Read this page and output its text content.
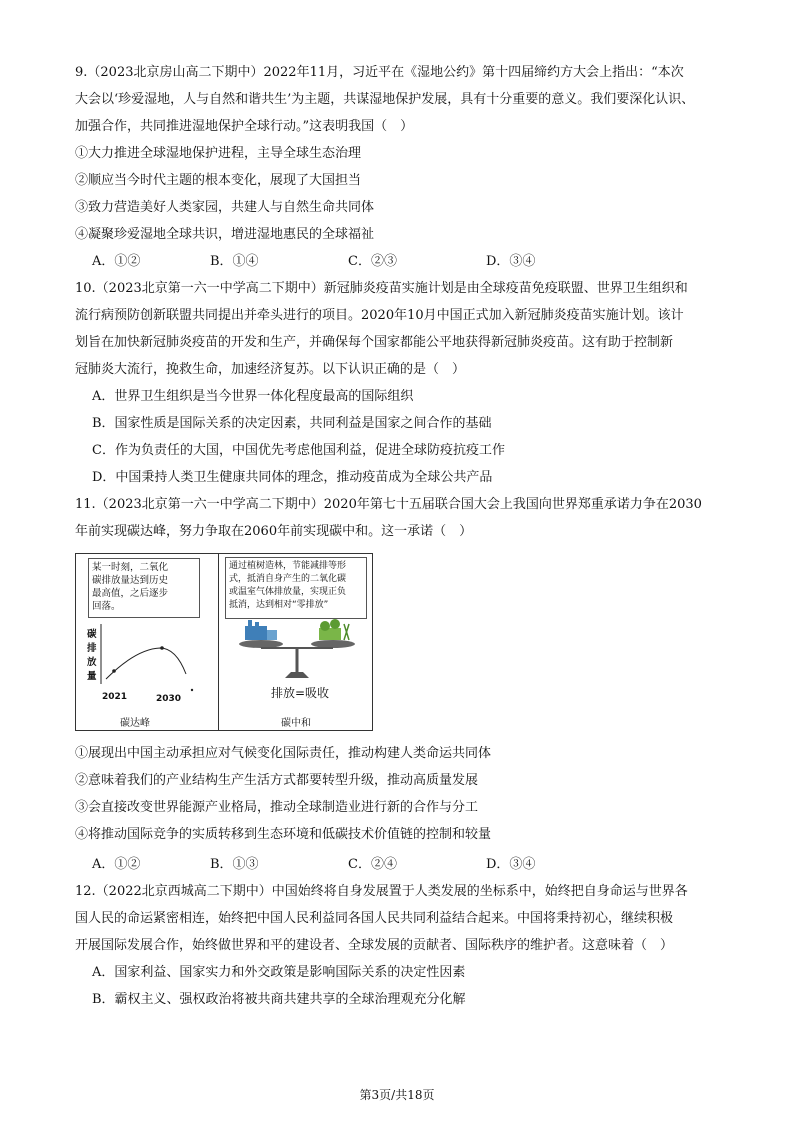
9.（2023北京房山高二下期中）2022年11月，习近平在《湿地公约》第十四届缔约方大会上指出：“本次
大会以‘珍爱湿地，人与自然和谐共生’为主题，共谋湿地保护发展，具有十分重要的意义。我们要深化认识、
加强合作，共同推进湿地保护全球行动。”这表明我国（　）
①大力推进全球湿地保护进程，主导全球生态治理
②顺应当今时代主题的根本变化，展现了大国担当
③致力营造美好人类家园，共建人与自然生命共同体
④凝聚珍爱湿地全球共识，增进湿地惠民的全球福祉
A．①②	B．①④	C．②③	D．③④
10.（2023北京第一六一中学高二下期中）新冠肺炎疫苗实施计划是由全球疫苗免疫联盟、世界卫生组织和
流行病预防创新联盟共同提出并牵头进行的项目。2020年10月中国正式加入新冠肺炎疫苗实施计划。该计
划旨在加快新冠肺炎疫苗的开发和生产，并确保每个国家都能公平地获得新冠肺炎疫苗。这有助于控制新
冠肺炎大流行，挽救生命，加速经济复苏。以下认识正确的是（　）
A．世界卫生组织是当今世界一体化程度最高的国际组织
B．国家性质是国际关系的决定因素，共同利益是国家之间合作的基础
C．作为负责任的大国，中国优先考虑他国利益，促进全球防疫抗疫工作
D．中国秉持人类卫生健康共同体的理念，推动疫苗成为全球公共产品
11.（2023北京第一六一中学高二下期中）2020年第七十五届联合国大会上我国向世界郑重承诺力争在2030
年前实现碳达峰，努力争取在2060年前实现碳中和。这一承诺（　）
某一时刻，二氧化
碳排放量达到历史
最高值，之后逐步
回落。
碳
排
放
量
2021	2030
碳达峰
通过植树造林，节能减排等形
式，抵消自身产生的二氧化碳
或温室气体排放量，实现正负
抵消，达到相对“零排放”
排放=吸收
碳中和
①展现出中国主动承担应对气候变化国际责任，推动构建人类命运共同体
②意味着我们的产业结构生产生活方式都要转型升级，推动高质量发展
③会直接改变世界能源产业格局，推动全球制造业进行新的合作与分工
④将推动国际竞争的实质转移到生态环境和低碳技术价值链的控制和较量
A．①②	B．①③	C．②④	D．③④
12.（2022北京西城高二下期中）中国始终将自身发展置于人类发展的坐标系中，始终把自身命运与世界各
国人民的命运紧密相连，始终把中国人民利益同各国人民共同利益结合起来。中国将秉持初心，继续积极
开展国际发展合作，始终做世界和平的建设者、全球发展的贡献者、国际秩序的维护者。这意味着（　）
A．国家利益、国家实力和外交政策是影响国际关系的决定性因素
B．霸权主义、强权政治将被共商共建共享的全球治理观充分化解
第3页/共18页
